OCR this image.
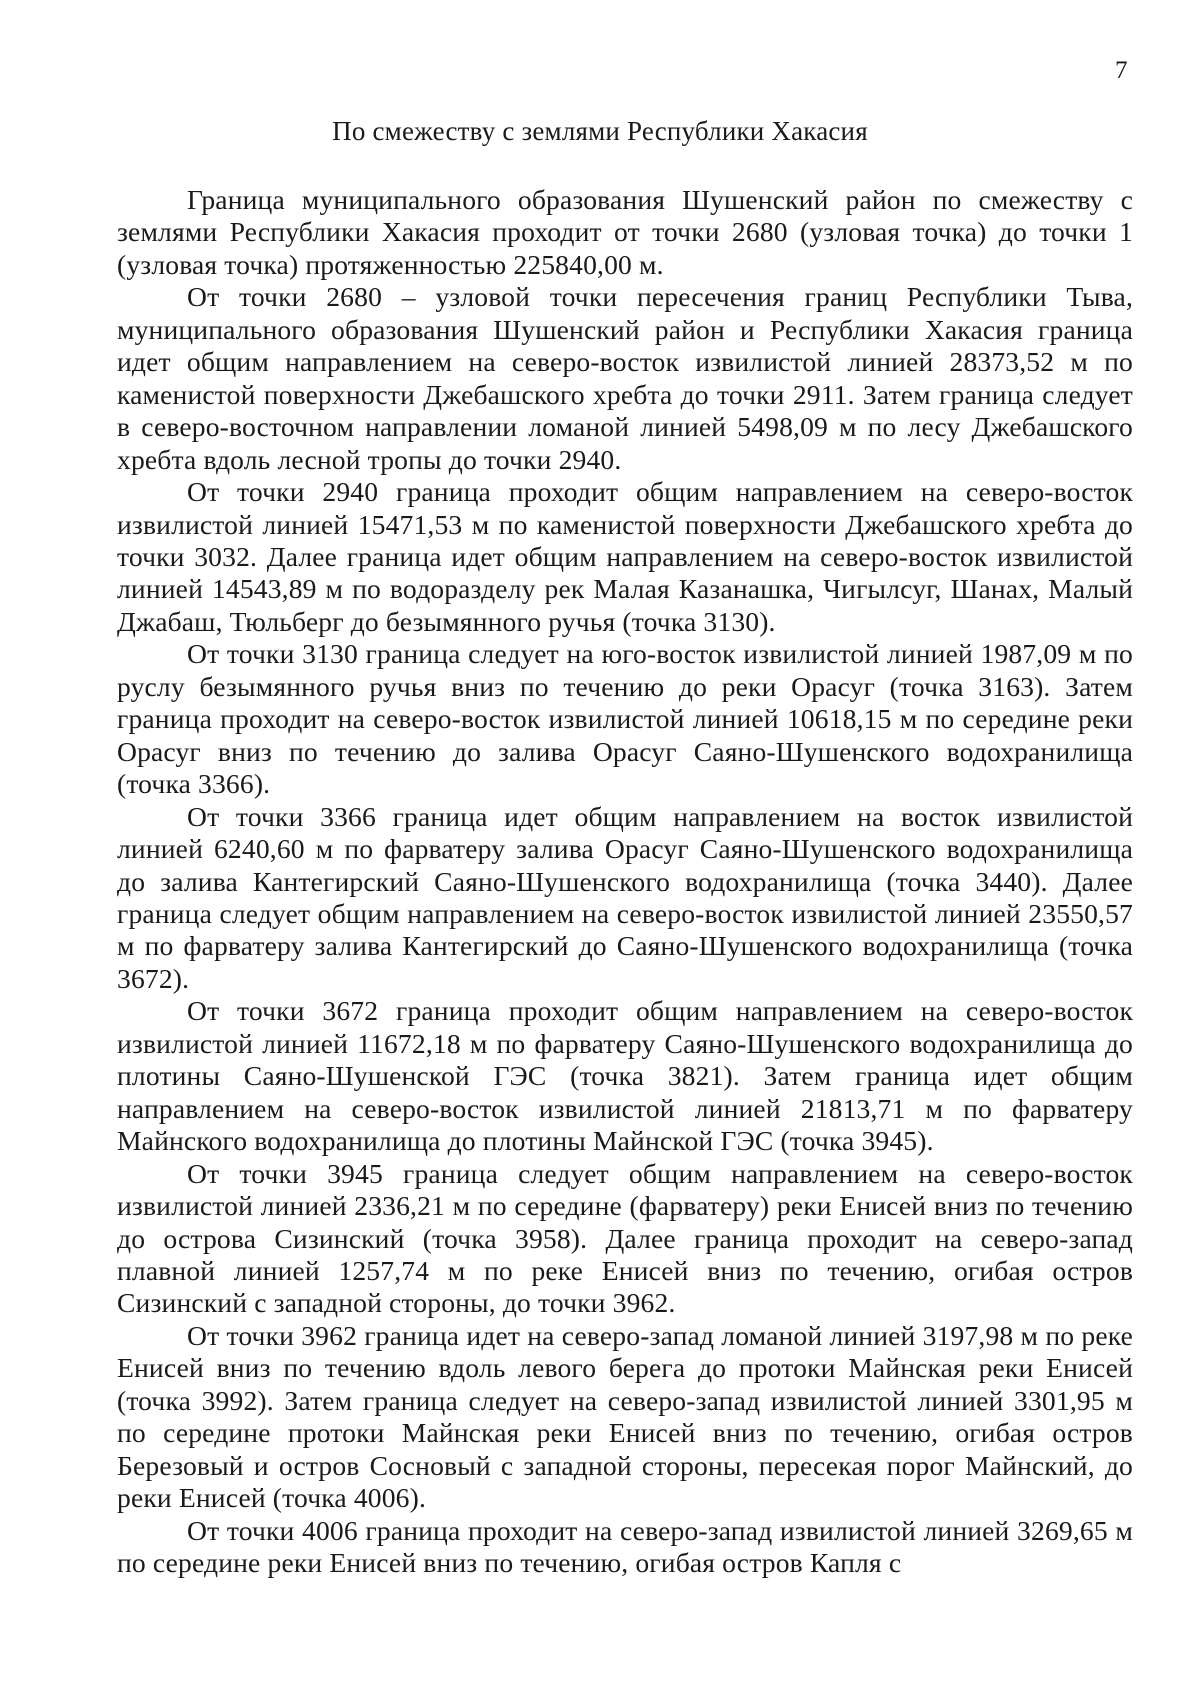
7
По смежеству с землями Республики Хакасия

Граница муниципального образования Шушенский район по смежеству с землями Республики Хакасия проходит от точки 2680 (узловая точка) до точки 1 (узловая точка) протяженностью 225840,00 м.

От точки 2680 – узловой точки пересечения границ Республики Тыва, муниципального образования Шушенский район и Республики Хакасия граница идет общим направлением на северо-восток извилистой линией 28373,52 м по каменистой поверхности Джебашского хребта до точки 2911. Затем граница следует в северо-восточном направлении ломаной линией 5498,09 м по лесу Джебашского хребта вдоль лесной тропы до точки 2940.

От точки 2940 граница проходит общим направлением на северо-восток извилистой линией 15471,53 м по каменистой поверхности Джебашского хребта до точки 3032. Далее граница идет общим направлением на северо-восток извилистой линией 14543,89 м по водоразделу рек Малая Казанашка, Чигылсуг, Шанах, Малый Джабаш, Тюльберг до безымянного ручья (точка 3130).

От точки 3130 граница следует на юго-восток извилистой линией 1987,09 м по руслу безымянного ручья вниз по течению до реки Орасуг (точка 3163). Затем граница проходит на северо-восток извилистой линией 10618,15 м по середине реки Орасуг вниз по течению до залива Орасуг Саяно-Шушенского водохранилища (точка 3366).

От точки 3366 граница идет общим направлением на восток извилистой линией 6240,60 м по фарватеру залива Орасуг Саяно-Шушенского водохранилища до залива Кантегирский Саяно-Шушенского водохранилища (точка 3440). Далее граница следует общим направлением на северо-восток извилистой линией 23550,57 м по фарватеру залива Кантегирский до Саяно-Шушенского водохранилища (точка 3672).

От точки 3672 граница проходит общим направлением на северо-восток извилистой линией 11672,18 м по фарватеру Саяно-Шушенского водохранилища до плотины Саяно-Шушенской ГЭС (точка 3821). Затем граница идет общим направлением на северо-восток извилистой линией 21813,71 м по фарватеру Майнского водохранилища до плотины Майнской ГЭС (точка 3945).

От точки 3945 граница следует общим направлением на северо-восток извилистой линией 2336,21 м по середине (фарватеру) реки Енисей вниз по течению до острова Сизинский (точка 3958). Далее граница проходит на северо-запад плавной линией 1257,74 м по реке Енисей вниз по течению, огибая остров Сизинский с западной стороны, до точки 3962.

От точки 3962 граница идет на северо-запад ломаной линией 3197,98 м по реке Енисей вниз по течению вдоль левого берега до протоки Майнская реки Енисей (точка 3992). Затем граница следует на северо-запад извилистой линией 3301,95 м по середине протоки Майнская реки Енисей вниз по течению, огибая остров Березовый и остров Сосновый с западной стороны, пересекая порог Майнский, до реки Енисей (точка 4006).

От точки 4006 граница проходит на северо-запад извилистой линией 3269,65 м по середине реки Енисей вниз по течению, огибая остров Капля с
